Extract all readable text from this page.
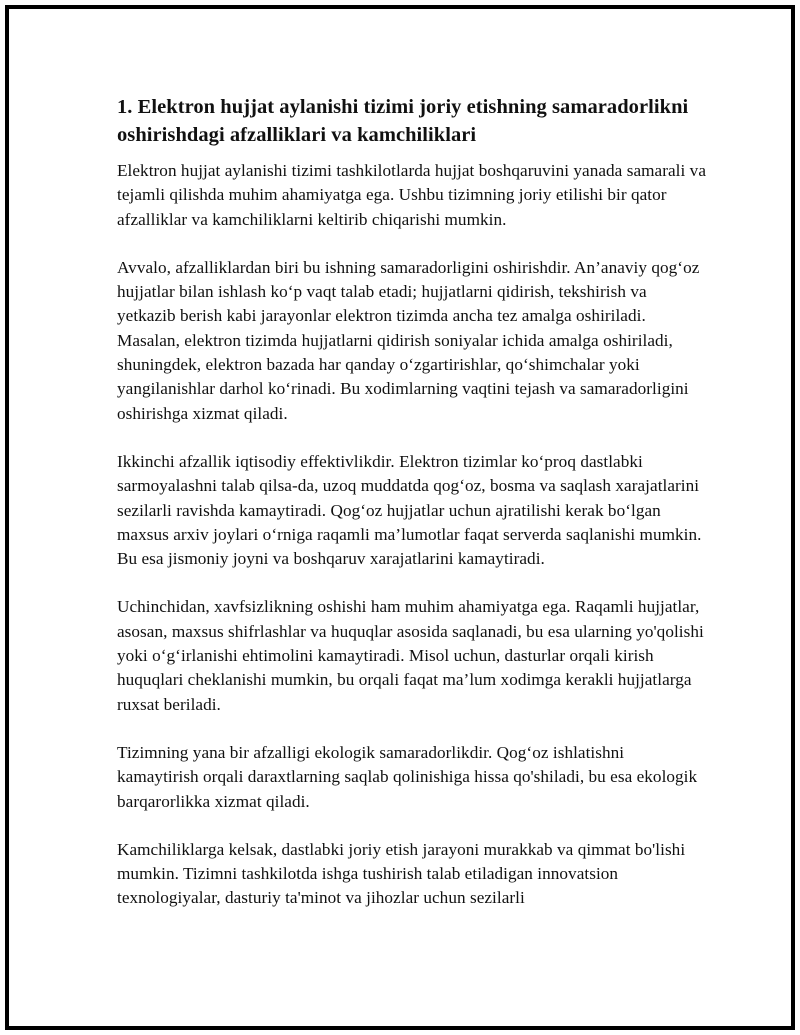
1. Elektron hujjat aylanishi tizimi joriy etishning samaradorlikni oshirishdagi afzalliklari va kamchiliklari

Elektron hujjat aylanishi tizimi tashkilotlarda hujjat boshqaruvini yanada samarali va tejamli qilishda muhim ahamiyatga ega. Ushbu tizimning joriy etilishi bir qator afzalliklar va kamchiliklarni keltirib chiqarishi mumkin.

Avvalo, afzalliklardan biri bu ishning samaradorligini oshirishdir. An’anaviy qog‘oz hujjatlar bilan ishlash ko‘p vaqt talab etadi; hujjatlarni qidirish, tekshirish va yetkazib berish kabi jarayonlar elektron tizimda ancha tez amalga oshiriladi. Masalan, elektron tizimda hujjatlarni qidirish soniyalar ichida amalga oshiriladi, shuningdek, elektron bazada har qanday o‘zgartirishlar, qo‘shimchalar yoki yangilanishlar darhol ko‘rinadi. Bu xodimlarning vaqtini tejash va samaradorligini oshirishga xizmat qiladi.

Ikkinchi afzallik iqtisodiy effektivlikdir. Elektron tizimlar ko‘proq dastlabki sarmoyalashni talab qilsa-da, uzoq muddatda qog‘oz, bosma va saqlash xarajatlarini sezilarli ravishda kamaytiradi. Qog‘oz hujjatlar uchun ajratilishi kerak bo‘lgan maxsus arxiv joylari o‘rniga raqamli ma’lumotlar faqat serverda saqlanishi mumkin. Bu esa jismoniy joyni va boshqaruv xarajatlarini kamaytiradi.

Uchinchidan, xavfsizlikning oshishi ham muhim ahamiyatga ega. Raqamli hujjatlar, asosan, maxsus shifrlashlar va huquqlar asosida saqlanadi, bu esa ularning yo'qolishi yoki o‘g‘irlanishi ehtimolini kamaytiradi. Misol uchun, dasturlar orqali kirish huquqlari cheklanishi mumkin, bu orqali faqat ma’lum xodimga kerakli hujjatlarga ruxsat beriladi.

Tizimning yana bir afzalligi ekologik samaradorlikdir. Qog‘oz ishlatishni kamaytirish orqali daraxtlarning saqlab qolinishiga hissa qo'shiladi, bu esa ekologik barqarorlikka xizmat qiladi.

Kamchiliklarga kelsak, dastlabki joriy etish jarayoni murakkab va qimmat bo'lishi mumkin. Tizimni tashkilotda ishga tushirish talab etiladigan innovatsion texnologiyalar, dasturiy ta'minot va jihozlar uchun sezilarli
